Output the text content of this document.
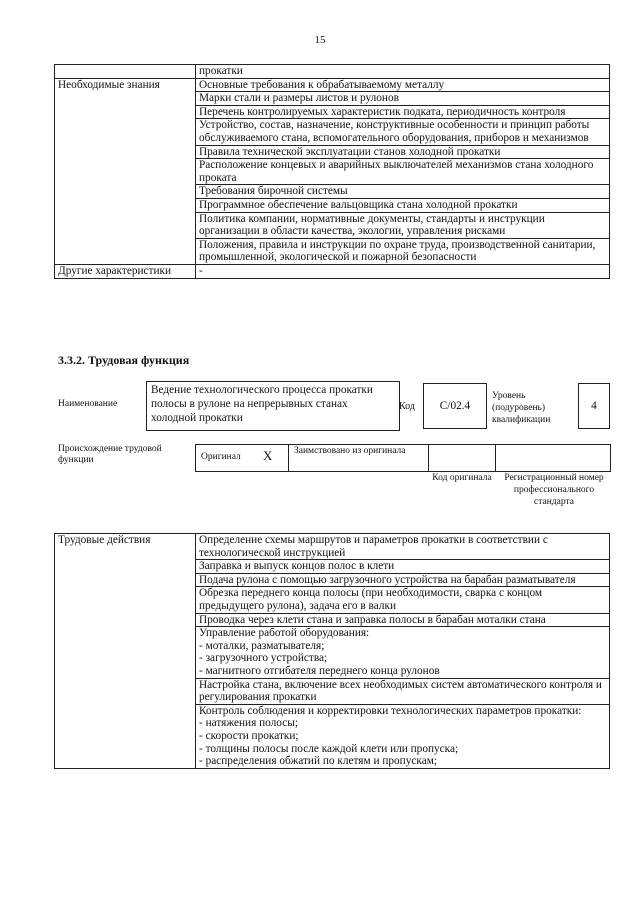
15

	прокатки

Необходимые знания	Основные требования к обрабатываемому металлу

	Марки стали и размеры листов и рулонов

	Перечень контролируемых характеристик подката, периодичность контроля

	Устройство, состав, назначение, конструктивные особенности и принцип работы обслуживаемого стана, вспомогательного оборудования, приборов и механизмов

	Правила технической эксплуатации станов холодной прокатки

	Расположение концевых и аварийных выключателей механизмов стана холодного проката

	Требования бирочной системы

	Программное обеспечение вальцовщика стана холодной прокатки

	Политика компании, нормативные документы, стандарты и инструкции организации в области качества, экологии, управления рисками

	Положения, правила и инструкции по охране труда, производственной санитарии, промышленной, экологической и пожарной безопасности

Другие характеристики	-
3.3.2. Трудовая функция
Наименование
Ведение технологического процесса прокатки полосы в рулоне на непрерывных станах холодной прокатки
Код	С/02.4
Уровень (подуровень) квалификации
4
Происхождение трудовой функции	Оригинал X Заимствовано из оригинала
Код оригинала Регистрационный номер профессионального стандарта
Трудовые действия	Определение схемы маршрутов и параметров прокатки в соответствии с технологической инструкцией

	Заправка и выпуск концов полос в клети

	Подача рулона с помощью загрузочного устройства на барабан разматывателя

	Обрезка переднего конца полосы (при необходимости, сварка с концом предыдущего рулона), задача его в валки

	Проводка через клети стана и заправка полосы в барабан моталки стана

	Управление работой оборудования:
- моталки, разматывателя;
- загрузочного устройства;
- магнитного отгибателя переднего конца рулонов

	Настройка стана, включение всех необходимых систем автоматического контроля и регулирования прокатки

	Контроль соблюдения и корректировки технологических параметров прокатки:
- натяжения полосы;
- скорости прокатки;
- толщины полосы после каждой клети или пропуска;
- распределения обжатий по клетям и пропускам;
